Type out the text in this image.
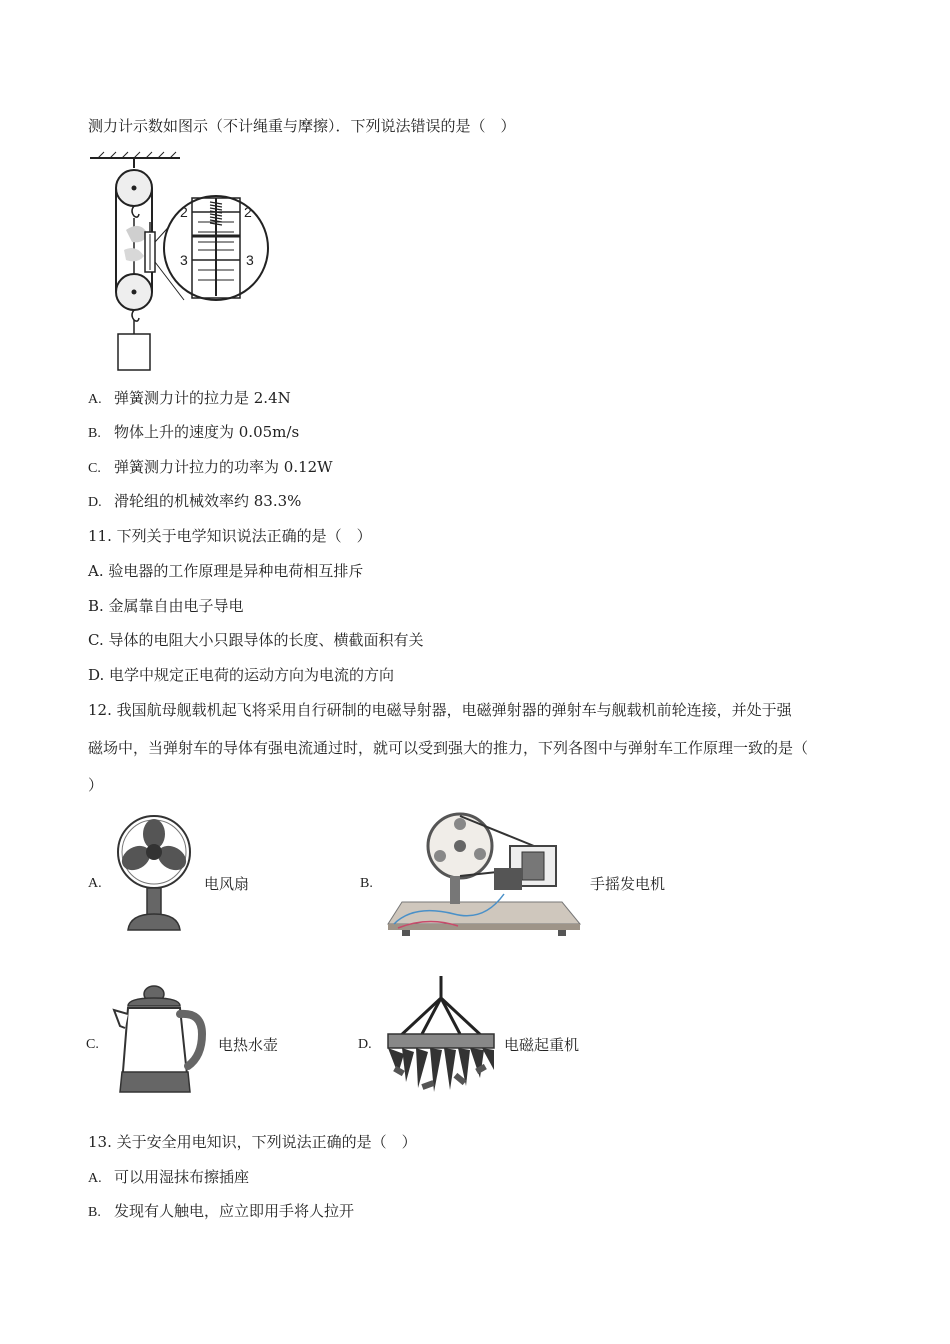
测力计示数如图示（不计绳重与摩擦）．下列说法错误的是（　）
2	2
3	3
A. 弹簧测力计的拉力是 2.4N
B. 物体上升的速度为 0.05m/s
C. 弹簧测力计拉力的功率为 0.12W
D. 滑轮组的机械效率约 83.3%
11. 下列关于电学知识说法正确的是（　）
A. 验电器的工作原理是异种电荷相互排斥
B. 金属靠自由电子导电
C. 导体的电阻大小只跟导体的长度、横截面积有关
D. 电学中规定正电荷的运动方向为电流的方向
12. 我国航母舰载机起飞将采用自行研制的电磁导射器，电磁弹射器的弹射车与舰载机前轮连接，并处于强
磁场中，当弹射车的导体有强电流通过时，就可以受到强大的推力，下列各图中与弹射车工作原理一致的是（
）
A.	电风扇	B.	手摇发电机
C.	电热水壶	D.	电磁起重机
13. 关于安全用电知识，下列说法正确的是（　）
A. 可以用湿抹布擦插座
B. 发现有人触电，应立即用手将人拉开
